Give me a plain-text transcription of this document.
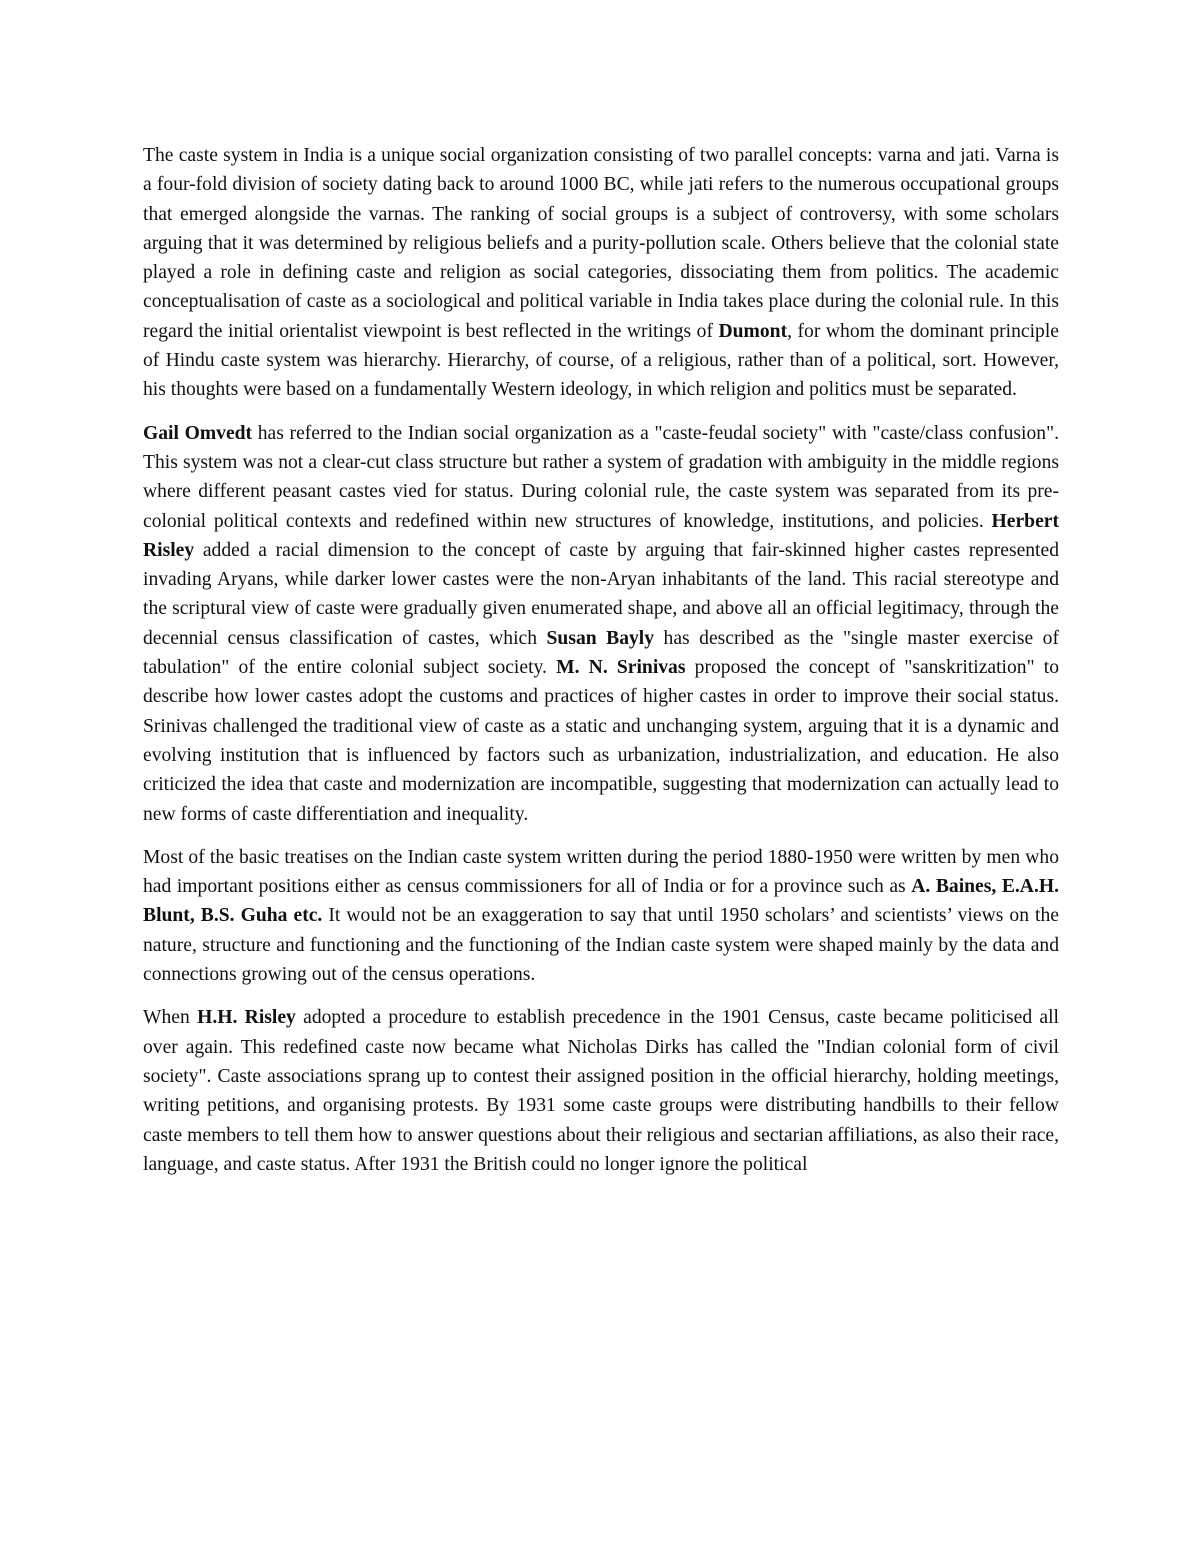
The caste system in India is a unique social organization consisting of two parallel concepts: varna and jati. Varna is a four-fold division of society dating back to around 1000 BC, while jati refers to the numerous occupational groups that emerged alongside the varnas. The ranking of social groups is a subject of controversy, with some scholars arguing that it was determined by religious beliefs and a purity-pollution scale. Others believe that the colonial state played a role in defining caste and religion as social categories, dissociating them from politics. The academic conceptualisation of caste as a sociological and political variable in India takes place during the colonial rule. In this regard the initial orientalist viewpoint is best reflected in the writings of Dumont, for whom the dominant principle of Hindu caste system was hierarchy. Hierarchy, of course, of a religious, rather than of a political, sort. However, his thoughts were based on a fundamentally Western ideology, in which religion and politics must be separated.

Gail Omvedt has referred to the Indian social organization as a "caste-feudal society" with "caste/class confusion". This system was not a clear-cut class structure but rather a system of gradation with ambiguity in the middle regions where different peasant castes vied for status. During colonial rule, the caste system was separated from its pre-colonial political contexts and redefined within new structures of knowledge, institutions, and policies. Herbert Risley added a racial dimension to the concept of caste by arguing that fair-skinned higher castes represented invading Aryans, while darker lower castes were the non-Aryan inhabitants of the land. This racial stereotype and the scriptural view of caste were gradually given enumerated shape, and above all an official legitimacy, through the decennial census classification of castes, which Susan Bayly has described as the "single master exercise of tabulation" of the entire colonial subject society. M. N. Srinivas proposed the concept of "sanskritization" to describe how lower castes adopt the customs and practices of higher castes in order to improve their social status. Srinivas challenged the traditional view of caste as a static and unchanging system, arguing that it is a dynamic and evolving institution that is influenced by factors such as urbanization, industrialization, and education. He also criticized the idea that caste and modernization are incompatible, suggesting that modernization can actually lead to new forms of caste differentiation and inequality.

Most of the basic treatises on the Indian caste system written during the period 1880-1950 were written by men who had important positions either as census commissioners for all of India or for a province such as A. Baines, E.A.H. Blunt, B.S. Guha etc. It would not be an exaggeration to say that until 1950 scholars’ and scientists’ views on the nature, structure and functioning and the functioning of the Indian caste system were shaped mainly by the data and connections growing out of the census operations.

When H.H. Risley adopted a procedure to establish precedence in the 1901 Census, caste became politicised all over again. This redefined caste now became what Nicholas Dirks has called the "Indian colonial form of civil society". Caste associations sprang up to contest their assigned position in the official hierarchy, holding meetings, writing petitions, and organising protests. By 1931 some caste groups were distributing handbills to their fellow caste members to tell them how to answer questions about their religious and sectarian affiliations, as also their race, language, and caste status. After 1931 the British could no longer ignore the political
